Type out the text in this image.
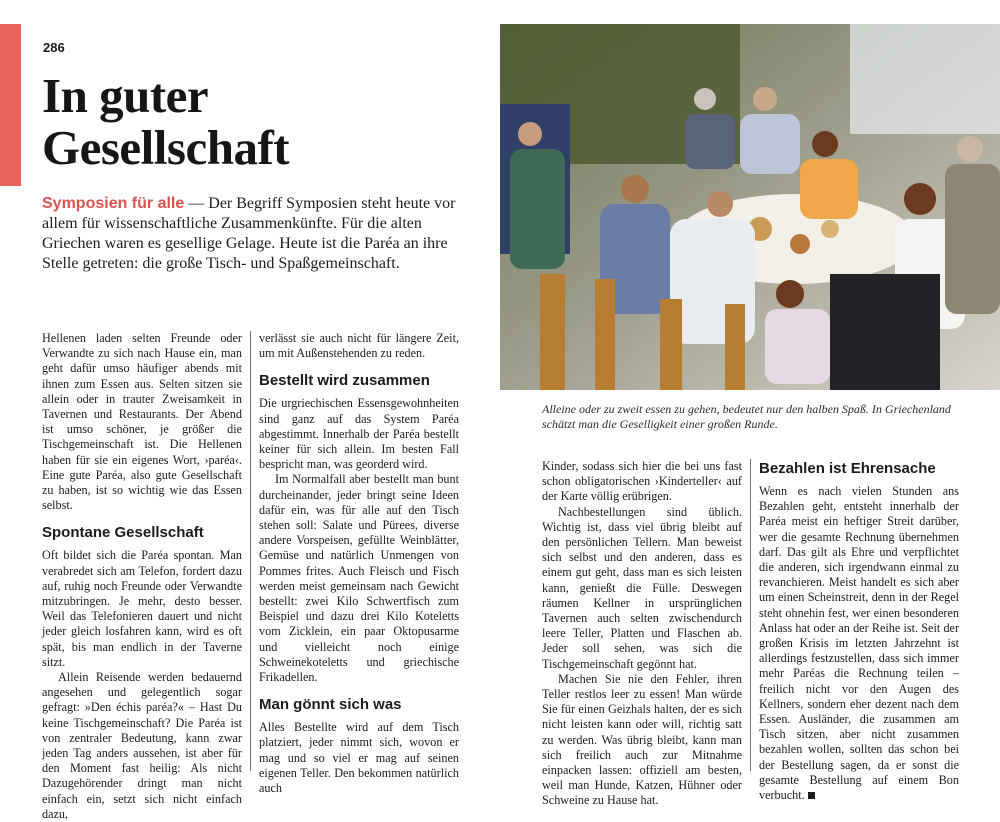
286
In guter
Gesellschaft
Symposien für alle — Der Begriff Symposien steht heute vor allem für wissenschaftliche Zusammenkünfte. Für die alten Griechen waren es gesellige Gelage. Heute ist die Paréa an ihre Stelle getreten: die große Tisch- und Spaßgemeinschaft.
Alleine oder zu zweit essen zu gehen, bedeutet nur den halben Spaß. In Griechenland schätzt man die Geselligkeit einer großen Runde.

Hellenen laden selten Freunde oder Verwandte zu sich nach Hause ein, man geht dafür umso häufiger abends mit ihnen zum Essen aus. Selten sitzen sie allein oder in trauter Zweisamkeit in Tavernen und Restaurants. Der Abend ist umso schöner, je größer die Tischgemeinschaft ist. Die Hellenen haben für sie ein eigenes Wort, ›paréa‹. Eine gute Paréa, also gute Gesellschaft zu haben, ist so wichtig wie das Essen selbst.

Spontane Gesellschaft

Oft bildet sich die Paréa spontan. Man verabredet sich am Telefon, fordert dazu auf, ruhig noch Freunde oder Verwandte mitzubringen. Je mehr, desto besser. Weil das Telefonieren dauert und nicht jeder gleich losfahren kann, wird es oft spät, bis man endlich in der Taverne sitzt.

Allein Reisende werden bedauernd angesehen und gelegentlich sogar gefragt: »Den échis paréa?« – Hast Du keine Tischgemeinschaft? Die Paréa ist von zentraler Bedeutung, kann zwar jeden Tag anders aussehen, ist aber für den Moment fast heilig: Als nicht Dazugehörender dringt man nicht einfach ein, setzt sich nicht einfach dazu,

verlässt sie auch nicht für längere Zeit, um mit Außenstehenden zu reden.

Bestellt wird zusammen

Die urgriechischen Essensgewohnheiten sind ganz auf das System Paréa abgestimmt. Innerhalb der Paréa bestellt keiner für sich allein. Im besten Fall bespricht man, was georderd wird.

Im Normalfall aber bestellt man bunt durcheinander, jeder bringt seine Ideen dafür ein, was für alle auf den Tisch stehen soll: Salate und Pürees, diverse andere Vorspeisen, gefüllte Weinblätter, Gemüse und natürlich Unmengen von Pommes frites. Auch Fleisch und Fisch werden meist gemeinsam nach Gewicht bestellt: zwei Kilo Schwertfisch zum Beispiel und dazu drei Kilo Koteletts vom Zicklein, ein paar Oktopusarme und vielleicht noch einige Schweinekoteletts und griechische Frikadellen.

Man gönnt sich was

Alles Bestellte wird auf dem Tisch platziert, jeder nimmt sich, wovon er mag und so viel er mag auf seinen eigenen Teller. Den bekommen natürlich auch

Kinder, sodass sich hier die bei uns fast schon obligatorischen ›Kinderteller‹ auf der Karte völlig erübrigen.

Nachbestellungen sind üblich. Wichtig ist, dass viel übrig bleibt auf den persönlichen Tellern. Man beweist sich selbst und den anderen, dass es einem gut geht, dass man es sich leisten kann, genießt die Fülle. Deswegen räumen Kellner in ursprünglichen Tavernen auch selten zwischendurch leere Teller, Platten und Flaschen ab. Jeder soll sehen, was sich die Tischgemeinschaft gegönnt hat.

Machen Sie nie den Fehler, ihren Teller restlos leer zu essen! Man würde Sie für einen Geizhals halten, der es sich nicht leisten kann oder will, richtig satt zu werden. Was übrig bleibt, kann man sich freilich auch zur Mitnahme einpacken lassen: offiziell am besten, weil man Hunde, Katzen, Hühner oder Schweine zu Hause hat.

Bezahlen ist Ehrensache

Wenn es nach vielen Stunden ans Bezahlen geht, entsteht innerhalb der Paréa meist ein heftiger Streit darüber, wer die gesamte Rechnung übernehmen darf. Das gilt als Ehre und verpflichtet die anderen, sich irgendwann einmal zu revanchieren. Meist handelt es sich aber um einen Scheinstreit, denn in der Regel steht ohnehin fest, wer einen besonderen Anlass hat oder an der Reihe ist. Seit der großen Krisis im letzten Jahrzehnt ist allerdings festzustellen, dass sich immer mehr Paréas die Rechnung teilen – freilich nicht vor den Augen des Kellners, sondern eher dezent nach dem Essen. Ausländer, die zusammen am Tisch sitzen, aber nicht zusammen bezahlen wollen, sollten das schon bei der Bestellung sagen, da er sonst die gesamte Bestellung auf einem Bon verbucht.
